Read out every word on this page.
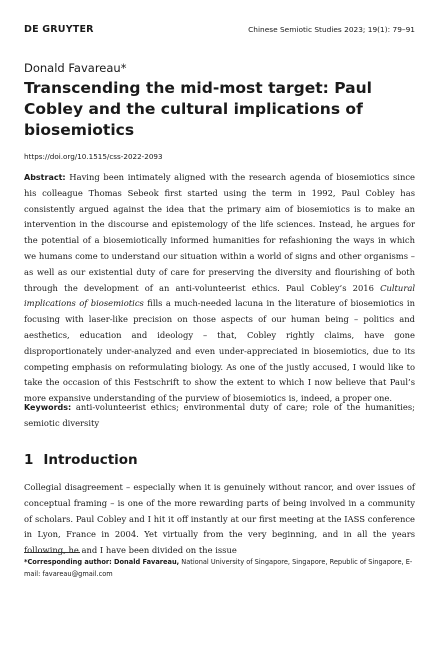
DE GRUYTER	Chinese Semiotic Studies 2023; 19(1): 79–91
Donald Favareau*
Transcending the mid-most target: Paul Cobley and the cultural implications of biosemiotics
https://doi.org/10.1515/css-2022-2093

Abstract: Having been intimately aligned with the research agenda of biosemiotics since his colleague Thomas Sebeok first started using the term in 1992, Paul Cobley has consistently argued against the idea that the primary aim of biosemiotics is to make an intervention in the discourse and epistemology of the life sciences. Instead, he argues for the potential of a biosemiotically informed humanities for refashioning the ways in which we humans come to understand our situation within a world of signs and other organisms – as well as our existential duty of care for preserving the diversity and flourishing of both through the development of an anti-volunteerist ethics. Paul Cobley’s 2016 Cultural implications of biosemiotics fills a much-needed lacuna in the literature of biosemiotics in focusing with laser-like precision on those aspects of our human being – politics and aesthetics, education and ideology – that, Cobley rightly claims, have gone disproportionately under-analyzed and even under-appreciated in biosemiotics, due to its competing emphasis on reformulating biology. As one of the justly accused, I would like to take the occasion of this Festschrift to show the extent to which I now believe that Paul’s more expansive understanding of the purview of biosemiotics is, indeed, a proper one.

Keywords: anti-volunteerist ethics; environmental duty of care; role of the humanities; semiotic diversity

1 Introduction

Collegial disagreement – especially when it is genuinely without rancor, and over issues of conceptual framing – is one of the more rewarding parts of being involved in a community of scholars. Paul Cobley and I hit it off instantly at our first meeting at the IASS conference in Lyon, France in 2004. Yet virtually from the very beginning, and in all the years following, he and I have been divided on the issue

*Corresponding author: Donald Favareau, National University of Singapore, Singapore, Republic of Singapore, E-mail: favareau@gmail.com
